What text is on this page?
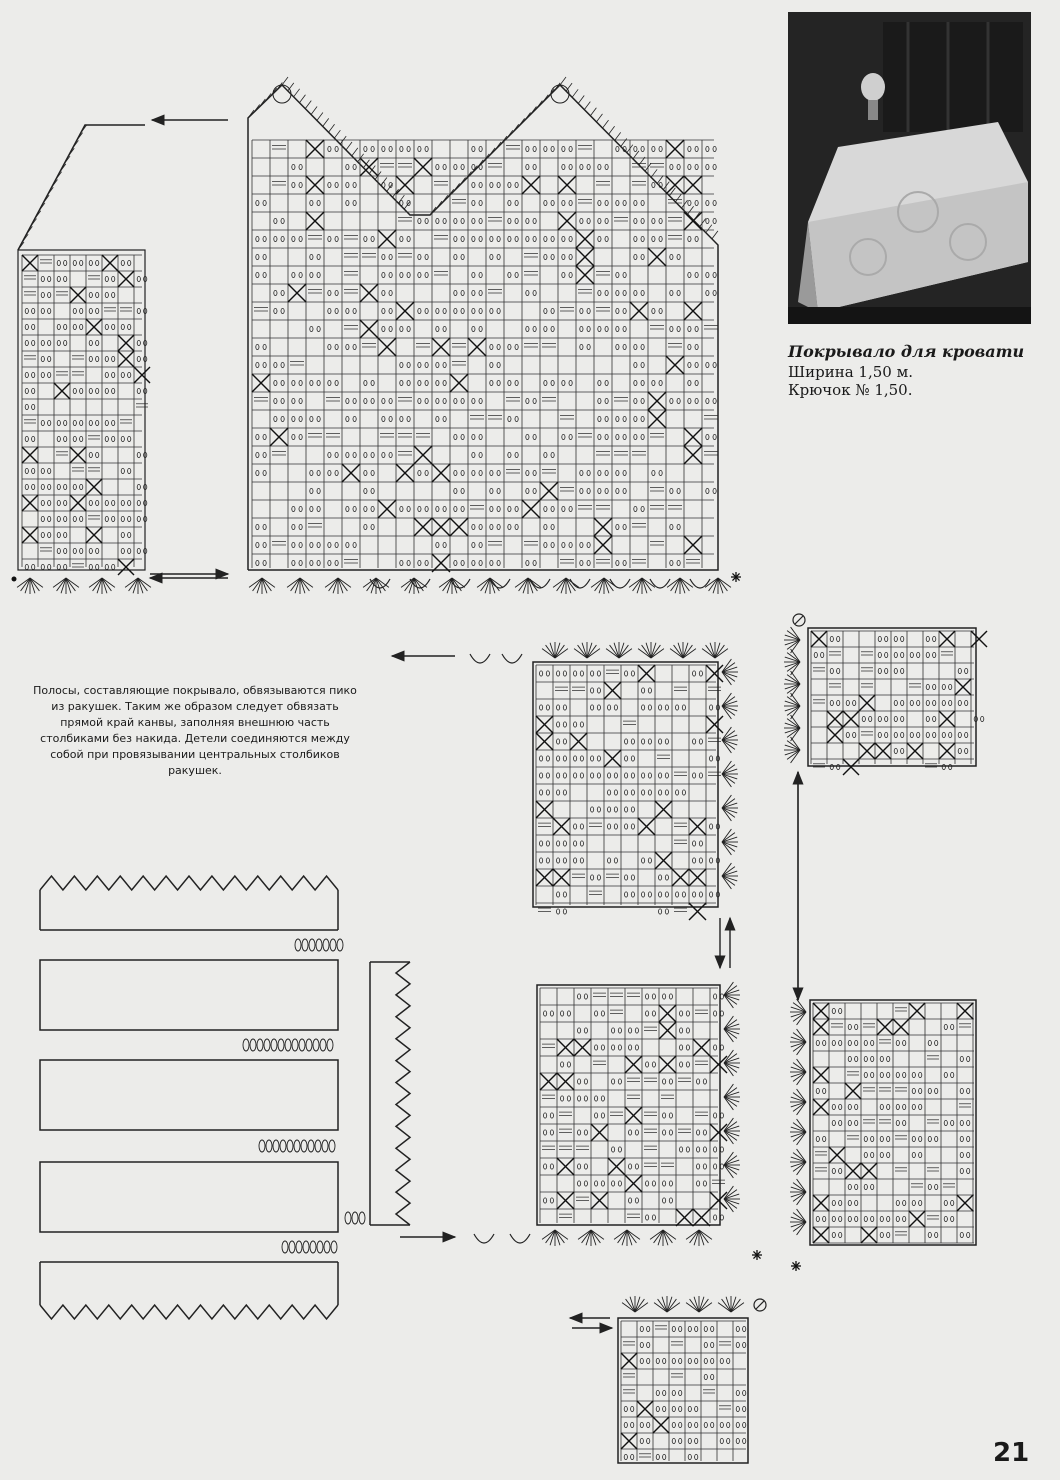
Покрывало для кровати
Ширина 1,50 м.
Крючок № 1,50.
Полосы, составляющие покрывало, обвязываются пико из ракушек. Таким же образом следует обвязать прямой край канвы, заполняя внешнюю часть столбиками без накида. Детели соединяются между собой при провязывании центральных столбиков ракушек.
21
